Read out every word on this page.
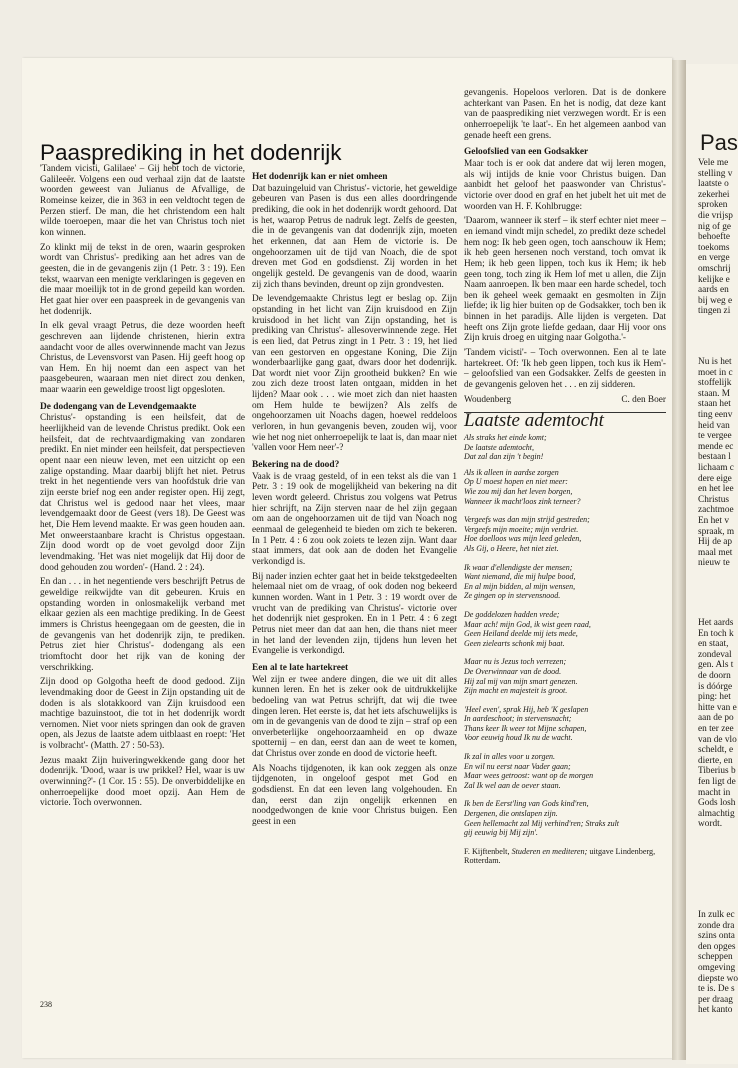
Pas
Vele me
stelling v
laatste o
zekerhei
sproken
die vrijsp
nig of ge
behoefte
toekoms
en verge
omschrij
kelijke e
aards en
bij weg e
tingen zi
Nu is het
moet in c
stoffelijk
staan. M
staan het
ting eenv
heid van
te vergee
mende ec
bestaan l
lichaam c
dere eige
en het lee
Christus
zachtmoe
En het v
spraak, m
Hij de ap
maal met
nieuw te
Het aards
En toch k
en staat,
zondeval
gen. Als t
de doorn
is dóórge
ping: het
hitte van e
aan de po
en ter zee
van de vlo
scheldt, e
dierte, en
Tiberius b
fen ligt de
macht in
Gods losh
almachtig
wordt.
In zulk ec
zonde dra
szins onta
den opges
scheppen
omgeving
diepste wo
te is. De s
per draag
het kanto
Paasprediking in het dodenrijk

'Tandem vicisti, Galilaee' – Gij hebt toch de victorie, Galileeër. Volgens een oud verhaal zijn dat de laatste woorden geweest van Julianus de Afvallige, de Romeinse keizer, die in 363 in een veldtocht tegen de Perzen stierf. De man, die het christendom een halt wilde toeroepen, maar die het van Christus toch niet kon winnen.

Zo klinkt mij de tekst in de oren, waarin gesproken wordt van Christus'- prediking aan het adres van de geesten, die in de gevangenis zijn (1 Petr. 3 : 19). Een tekst, waarvan een menigte verklaringen is gegeven en die maar moeilijk tot in de grond gepeild kan worden. Het gaat hier over een paaspreek in de gevangenis van het dodenrijk.

In elk geval vraagt Petrus, die deze woorden heeft geschreven aan lijdende christenen, hierin extra aandacht voor de alles overwinnende macht van Jezus Christus, de Levensvorst van Pasen. Hij geeft hoog op van Hem. En hij noemt dan een aspect van het paasgebeuren, waaraan men niet direct zou denken, maar waarin een geweldige troost ligt opgesloten.

De dodengang van de Levendgemaakte

Christus'- opstanding is een heilsfeit, dat de heerlijkheid van de levende Christus predikt. Ook een heilsfeit, dat de rechtvaardigmaking van zondaren predikt. En niet minder een heilsfeit, dat perspectieven opent naar een nieuw leven, met een uitzicht op een zalige opstanding. Maar daarbij blijft het niet. Petrus trekt in het negentiende vers van hoofdstuk drie van zijn eerste brief nog een ander register open. Hij zegt, dat Christus wel is gedood naar het vlees, maar levendgemaakt door de Geest (vers 18). De Geest was het, Die Hem levend maakte. Er was geen houden aan. Met onweerstaanbare kracht is Christus opgestaan. Zijn dood wordt op de voet gevolgd door Zijn levendmaking. 'Het was niet mogelijk dat Hij door de dood gehouden zou worden'- (Hand. 2 : 24).

En dan . . . in het negentiende vers beschrijft Petrus de geweldige reikwijdte van dit gebeuren. Kruis en opstanding worden in onlosmakelijk verband met elkaar gezien als een machtige prediking. In de Geest immers is Christus heengegaan om de geesten, die in de gevangenis van het dodenrijk zijn, te prediken. Petrus ziet hier Christus'- dodengang als een triomftocht door het rijk van de koning der verschrikking.

Zijn dood op Golgotha heeft de dood gedood. Zijn levendmaking door de Geest in Zijn opstanding uit de doden is als slotakkoord van Zijn kruisdood een machtige bazuinstoot, die tot in het dodenrijk wordt vernomen. Niet voor niets springen dan ook de graven open, als Jezus de laatste adem uitblaast en roept: 'Het is volbracht'- (Matth. 27 : 50-53).

Jezus maakt Zijn huiveringwekkende gang door het dodenrijk. 'Dood, waar is uw prikkel? Hel, waar is uw overwinning?'- (1 Cor. 15 : 55). De onverbiddelijke en onherroepelijke dood moet opzij. Aan Hem de victorie. Toch overwonnen.

Het dodenrijk kan er niet omheen

Dat bazuingeluid van Christus'- victorie, het geweldige gebeuren van Pasen is dus een alles doordringende prediking, die ook in het dodenrijk wordt gehoord. Dat is het, waarop Petrus de nadruk legt. Zelfs de geesten, die in de gevangenis van dat dodenrijk zijn, moeten het erkennen, dat aan Hem de victorie is. De ongehoorzamen uit de tijd van Noach, die de spot dreven met God en godsdienst. Zij worden in het ongelijk gesteld. De gevangenis van de dood, waarin zij zich thans bevinden, dreunt op zijn grondvesten.

De levendgemaakte Christus legt er beslag op. Zijn opstanding in het licht van Zijn kruisdood en Zijn kruisdood in het licht van Zijn opstanding, het is prediking van Christus'- allesoverwinnende zege. Het is een lied, dat Petrus zingt in 1 Petr. 3 : 19, het lied van een gestorven en opgestane Koning, Die Zijn wonderbaarlijke gang gaat, dwars door het dodenrijk. Dat wordt niet voor Zijn grootheid bukken? En wie zou zich deze troost laten ontgaan, midden in het lijden? Maar ook . . . wie moet zich dan niet haasten om Hem hulde te bewijzen? Als zelfs de ongehoorzamen uit Noachs dagen, hoewel reddeloos verloren, in hun gevangenis beven, zouden wij, voor wie het nog niet onherroepelijk te laat is, dan maar niet 'vallen voor Hem neer'-?

Bekering na de dood?

Vaak is de vraag gesteld, of in een tekst als die van 1 Petr. 3 : 19 ook de mogelijkheid van bekering na dit leven wordt geleerd. Christus zou volgens wat Petrus hier schrijft, na Zijn sterven naar de hel zijn gegaan om aan de ongehoorzamen uit de tijd van Noach nog eenmaal de gelegenheid te bieden om zich te bekeren. In 1 Petr. 4 : 6 zou ook zoiets te lezen zijn. Want daar staat immers, dat ook aan de doden het Evangelie verkondigd is.

Bij nader inzien echter gaat het in beide tekstgedeelten helemaal niet om de vraag, of ook doden nog bekeerd kunnen worden. Want in 1 Petr. 3 : 19 wordt over de vrucht van de prediking van Christus'- victorie over het dodenrijk niet gesproken. En in 1 Petr. 4 : 6 zegt Petrus niet meer dan dat aan hen, die thans niet meer in het land der levenden zijn, tijdens hun leven het Evangelie is verkondigd.

Een al te late hartekreet

Wel zijn er twee andere dingen, die we uit dit alles kunnen leren. En het is zeker ook de uitdrukkelijke bedoeling van wat Petrus schrijft, dat wij die twee dingen leren. Het eerste is, dat het iets afschuwelijks is om in de gevangenis van de dood te zijn – straf op een onverbeterlijke ongehoorzaamheid en op dwaze spotternij – en dan, eerst dan aan de weet te komen, dat Christus over zonde en dood de victorie heeft.

Als Noachs tijdgenoten, ik kan ook zeggen als onze tijdgenoten, in ongeloof gespot met God en godsdienst. En dat een leven lang volgehouden. En dan, eerst dan zijn ongelijk erkennen en noodgedwongen de knie voor Christus buigen. Een geest in een

gevangenis. Hopeloos verloren. Dat is de donkere achterkant van Pasen. En het is nodig, dat deze kant van de paasprediking niet verzwegen wordt. Er is een onherroepelijk 'te laat'-. En het algemeen aanbod van genade heeft een grens.

Geloofslied van een Godsakker

Maar toch is er ook dat andere dat wij leren mogen, als wij intijds de knie voor Christus buigen. Dan aanbidt het geloof het paaswonder van Christus'- victorie over dood en graf en het jubelt het uit met de woorden van H. F. Kohlbrugge:

'Daarom, wanneer ik sterf – ik sterf echter niet meer – en iemand vindt mijn schedel, zo predikt deze schedel hem nog: Ik heb geen ogen, toch aanschouw ik Hem; ik heb geen hersenen noch verstand, toch omvat ik Hem; ik heb geen lippen, toch kus ik Hem; ik heb geen tong, toch zing ik Hem lof met u allen, die Zijn Naam aanroepen. Ik ben maar een harde schedel, toch ben ik geheel week gemaakt en gesmolten in Zijn liefde; ik lig hier buiten op de Godsakker, toch ben ik binnen in het paradijs. Alle lijden is vergeten. Dat heeft ons Zijn grote liefde gedaan, daar Hij voor ons Zijn kruis droeg en uitging naar Golgotha.'-

'Tandem vicisti'- – Toch overwonnen. Een al te late hartekreet. Of: 'Ik heb geen lippen, toch kus ik Hem'- – geloofslied van een Godsakker. Zelfs de geesten in de gevangenis geloven het . . . en zij sidderen.

Woudenberg	C. den Boer
Laatste ademtocht
Als straks het einde komt;
De laatste ademtocht,
Dat zal dan zijn 't begin!
Als ik alleen in aardse zorgen
Op U moest hopen en niet meer:
Wie zou mij dan het leven borgen,
Wanneer ik macht'loos zink terneer?
Vergeefs was dan mijn strijd gestreden;
Vergeefs mijn moeite; mijn verdriet.
Hoe doelloos was mijn leed geleden,
Als Gij, o Heere, het niet ziet.
Ik waar d'ellendigste der mensen;
Want niemand, die mij hulpe bood,
En al mijn bidden, al mijn wensen,
Ze gingen op in stervensnood.
De goddelozen hadden vrede;
Maar ach! mijn God, ik wist geen raad,
Geen Heiland deelde mij iets mede,
Geen zielearts schonk mij baat.
Maar nu is Jezus toch verrezen;
De Overwinnaar van de dood.
Hij zal mij van mijn smart genezen.
Zijn macht en majesteit is groot.
'Heel even', sprak Hij, heb 'K geslapen
In aardeschoot; in stervensnacht;
Thans keer Ik weer tot Mijne schapen,
Voor eeuwig houd Ik nu de wacht.
Ik zal in alles voor u zorgen.
En wil nu eerst naar Vader gaan;
Maar wees getroost: want op de morgen
Zal Ik wel aan de oever staan.
Ik ben de Eerst'ling van Gods kind'ren,
Dergenen, die ontslapen zijn.
Geen hellemacht zal Mij verhind'ren; Straks zult
gij eeuwig bij Mij zijn'.
F. Kijftenbelt, Studeren en mediteren; uitgave Lindenberg, Rotterdam.
238
